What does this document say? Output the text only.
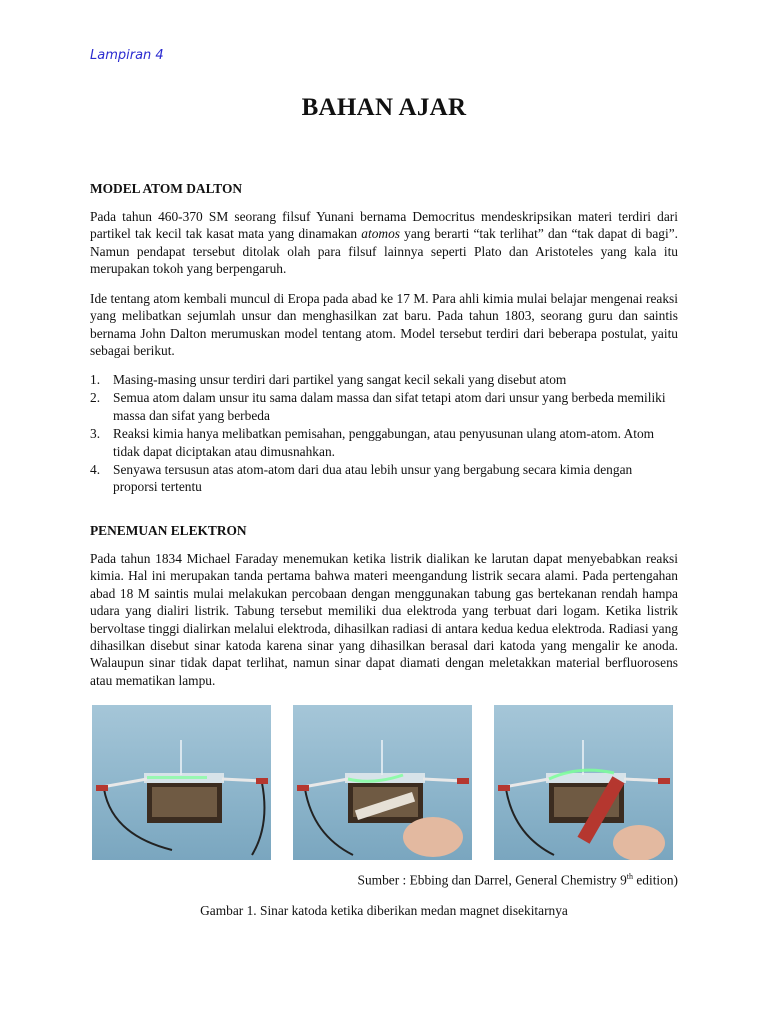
Lampiran 4
BAHAN AJAR
MODEL ATOM DALTON

Pada tahun 460-370 SM seorang filsuf Yunani bernama Democritus mendeskripsikan materi terdiri dari partikel tak kecil tak kasat mata yang dinamakan atomos yang berarti “tak terlihat” dan “tak dapat di bagi”. Namun pendapat tersebut ditolak olah para filsuf lainnya seperti Plato dan Aristoteles yang kala itu merupakan tokoh yang berpengaruh.

Ide tentang atom kembali muncul di Eropa pada abad ke 17 M. Para ahli kimia mulai belajar mengenai reaksi yang melibatkan sejumlah unsur dan menghasilkan zat baru. Pada tahun 1803, seorang guru dan saintis bernama John Dalton merumuskan model tentang atom. Model tersebut terdiri dari beberapa postulat, yaitu sebagai berikut.

1. Masing-masing unsur terdiri dari partikel yang sangat kecil sekali yang disebut atom
2. Semua atom dalam unsur itu sama dalam massa dan sifat tetapi atom dari unsur yang berbeda memiliki massa dan sifat yang berbeda
3. Reaksi kimia hanya melibatkan pemisahan, penggabungan, atau penyusunan ulang atom-atom. Atom tidak dapat diciptakan atau dimusnahkan.
4. Senyawa tersusun atas atom-atom dari dua atau lebih unsur yang bergabung secara kimia dengan proporsi tertentu
PENEMUAN ELEKTRON

Pada tahun 1834 Michael Faraday menemukan ketika listrik dialikan ke larutan dapat menyebabkan reaksi kimia. Hal ini merupakan tanda pertama bahwa materi meengandung listrik secara alami. Pada pertengahan abad 18 M saintis mulai melakukan percobaan dengan menggunakan tabung gas bertekanan rendah hampa udara yang dialiri listrik. Tabung tersebut memiliki dua elektroda yang terbuat dari logam. Ketika listrik bervoltase tinggi dialirkan melalui elektroda, dihasilkan radiasi di antara kedua kedua elektroda. Radiasi yang dihasilkan disebut sinar katoda karena sinar yang dihasilkan berasal dari katoda yang mengalir ke anoda. Walaupun sinar tidak dapat terlihat, namun sinar dapat diamati dengan meletakkan material berfluorosens atau mematikan lampu.

Sumber : Ebbing dan Darrel, General Chemistry 9th edition)
Gambar 1. Sinar katoda ketika diberikan medan magnet disekitarnya
